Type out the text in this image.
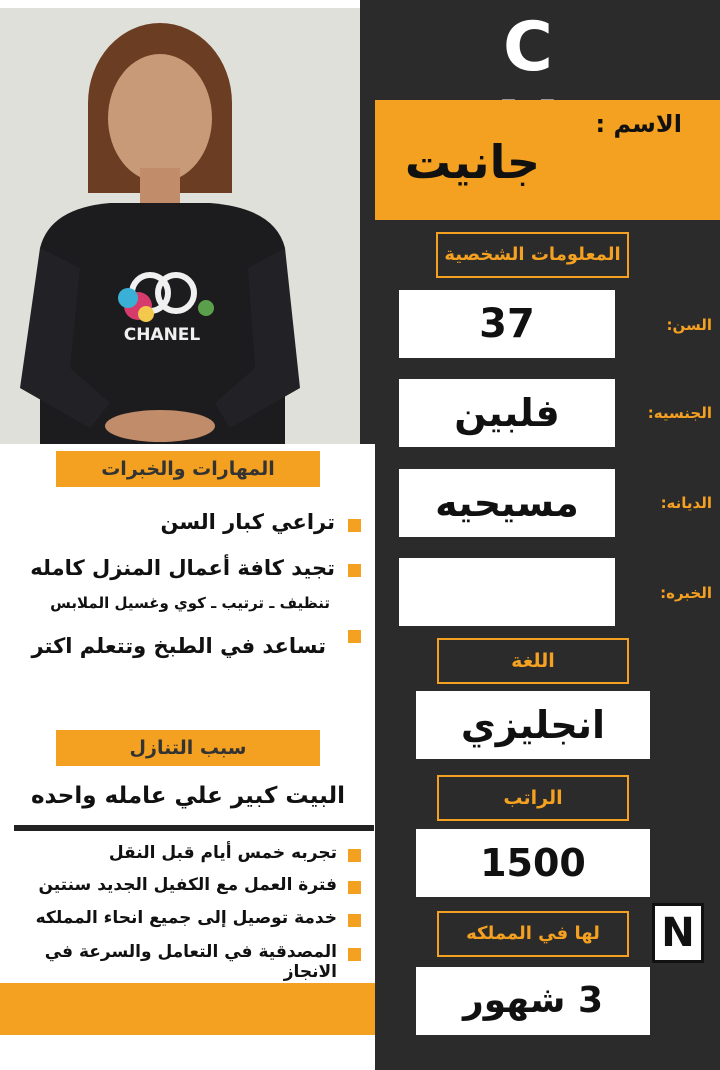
CHANEL
C
الاسم :
جانيت
المعلومات الشخصية
37	السن:
فلبين	الجنسيه:
مسيحيه	الديانه:
الخبره:
اللغة
انجليزي
الراتب
1500
لها في المملكه	N
3 شهور
المهارات والخبرات
تراعي كبار السن
تجيد كافة أعمال المنزل كامله
تنظيف ـ ترتيب ـ كوي وغسيل الملابس
تساعد في الطبخ وتتعلم اكتر
سبب التنازل
البيت كبير علي عامله واحده
تجربه خمس أيام قبل النقل
فترة العمل مع الكفيل الجديد سنتين
خدمة توصيل إلى جميع انحاء المملكه
المصدقية في التعامل والسرعة في الانجاز
